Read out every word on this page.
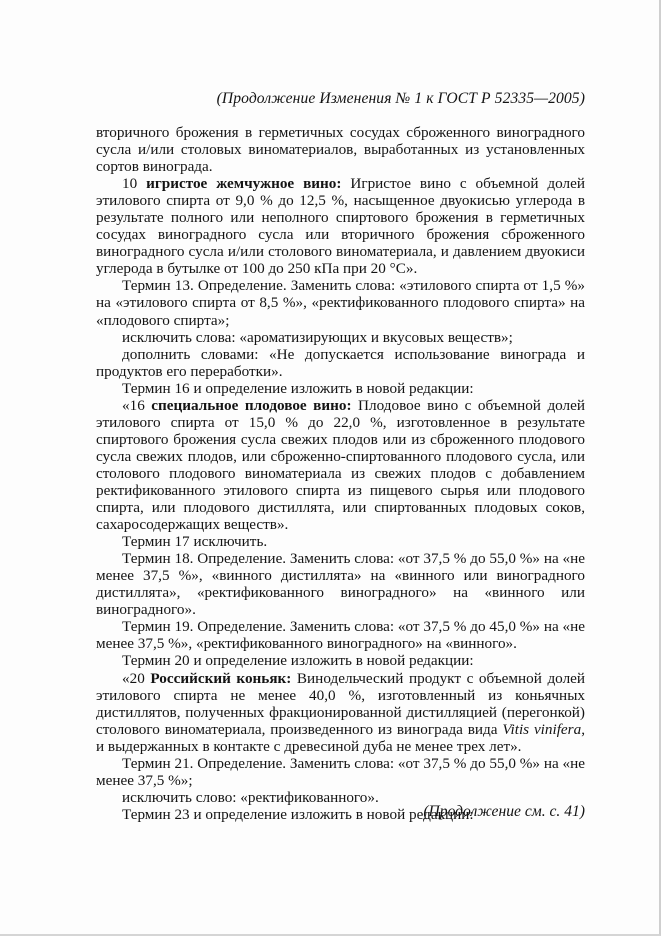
(Продолжение Изменения № 1 к ГОСТ Р 52335—2005)

вторичного брожения в герметичных сосудах сброженного виноградного сусла и/или столовых виноматериалов, выработанных из установленных сортов винограда.

10 игристое жемчужное вино: Игристое вино с объемной долей этилового спирта от 9,0 % до 12,5 %, насыщенное двуокисью углерода в результате полного или неполного спиртового брожения в герметичных сосудах виноградного сусла или вторичного брожения сброженного виноградного сусла и/или столового виноматериала, и давлением двуокиси углерода в бутылке от 100 до 250 кПа при 20 °С».

Термин 13. Определение. Заменить слова: «этилового спирта от 1,5 %» на «этилового спирта от 8,5 %», «ректификованного плодового спирта» на «плодового спирта»;

исключить слова: «ароматизирующих и вкусовых веществ»;

дополнить словами: «Не допускается использование винограда и продуктов его переработки».

Термин 16 и определение изложить в новой редакции:

«16 специальное плодовое вино: Плодовое вино с объемной долей этилового спирта от 15,0 % до 22,0 %, изготовленное в результате спиртового брожения сусла свежих плодов или из сброженного плодового сусла свежих плодов, или сброженно-спиртованного плодового сусла, или столового плодового виноматериала из свежих плодов с добавлением ректификованного этилового спирта из пищевого сырья или плодового спирта, или плодового дистиллята, или спиртованных плодовых соков, сахаросодержащих веществ».

Термин 17 исключить.

Термин 18. Определение. Заменить слова: «от 37,5 % до 55,0 %» на «не менее 37,5 %», «винного дистиллята» на «винного или виноградного дистиллята», «ректификованного виноградного» на «винного или виноградного».

Термин 19. Определение. Заменить слова: «от 37,5 % до 45,0 %» на «не менее 37,5 %», «ректификованного виноградного» на «винного».

Термин 20 и определение изложить в новой редакции:

«20 Российский коньяк: Винодельческий продукт с объемной долей этилового спирта не менее 40,0 %, изготовленный из коньячных дистиллятов, полученных фракционированной дистилляцией (перегонкой) столового виноматериала, произведенного из винограда вида Vitis vinifera, и выдержанных в контакте с древесиной дуба не менее трех лет».

Термин 21. Определение. Заменить слова: «от 37,5 % до 55,0 %» на «не менее 37,5 %»;

исключить слово: «ректификованного».

Термин 23 и определение изложить в новой редакции:

(Продолжение см. с. 41)
